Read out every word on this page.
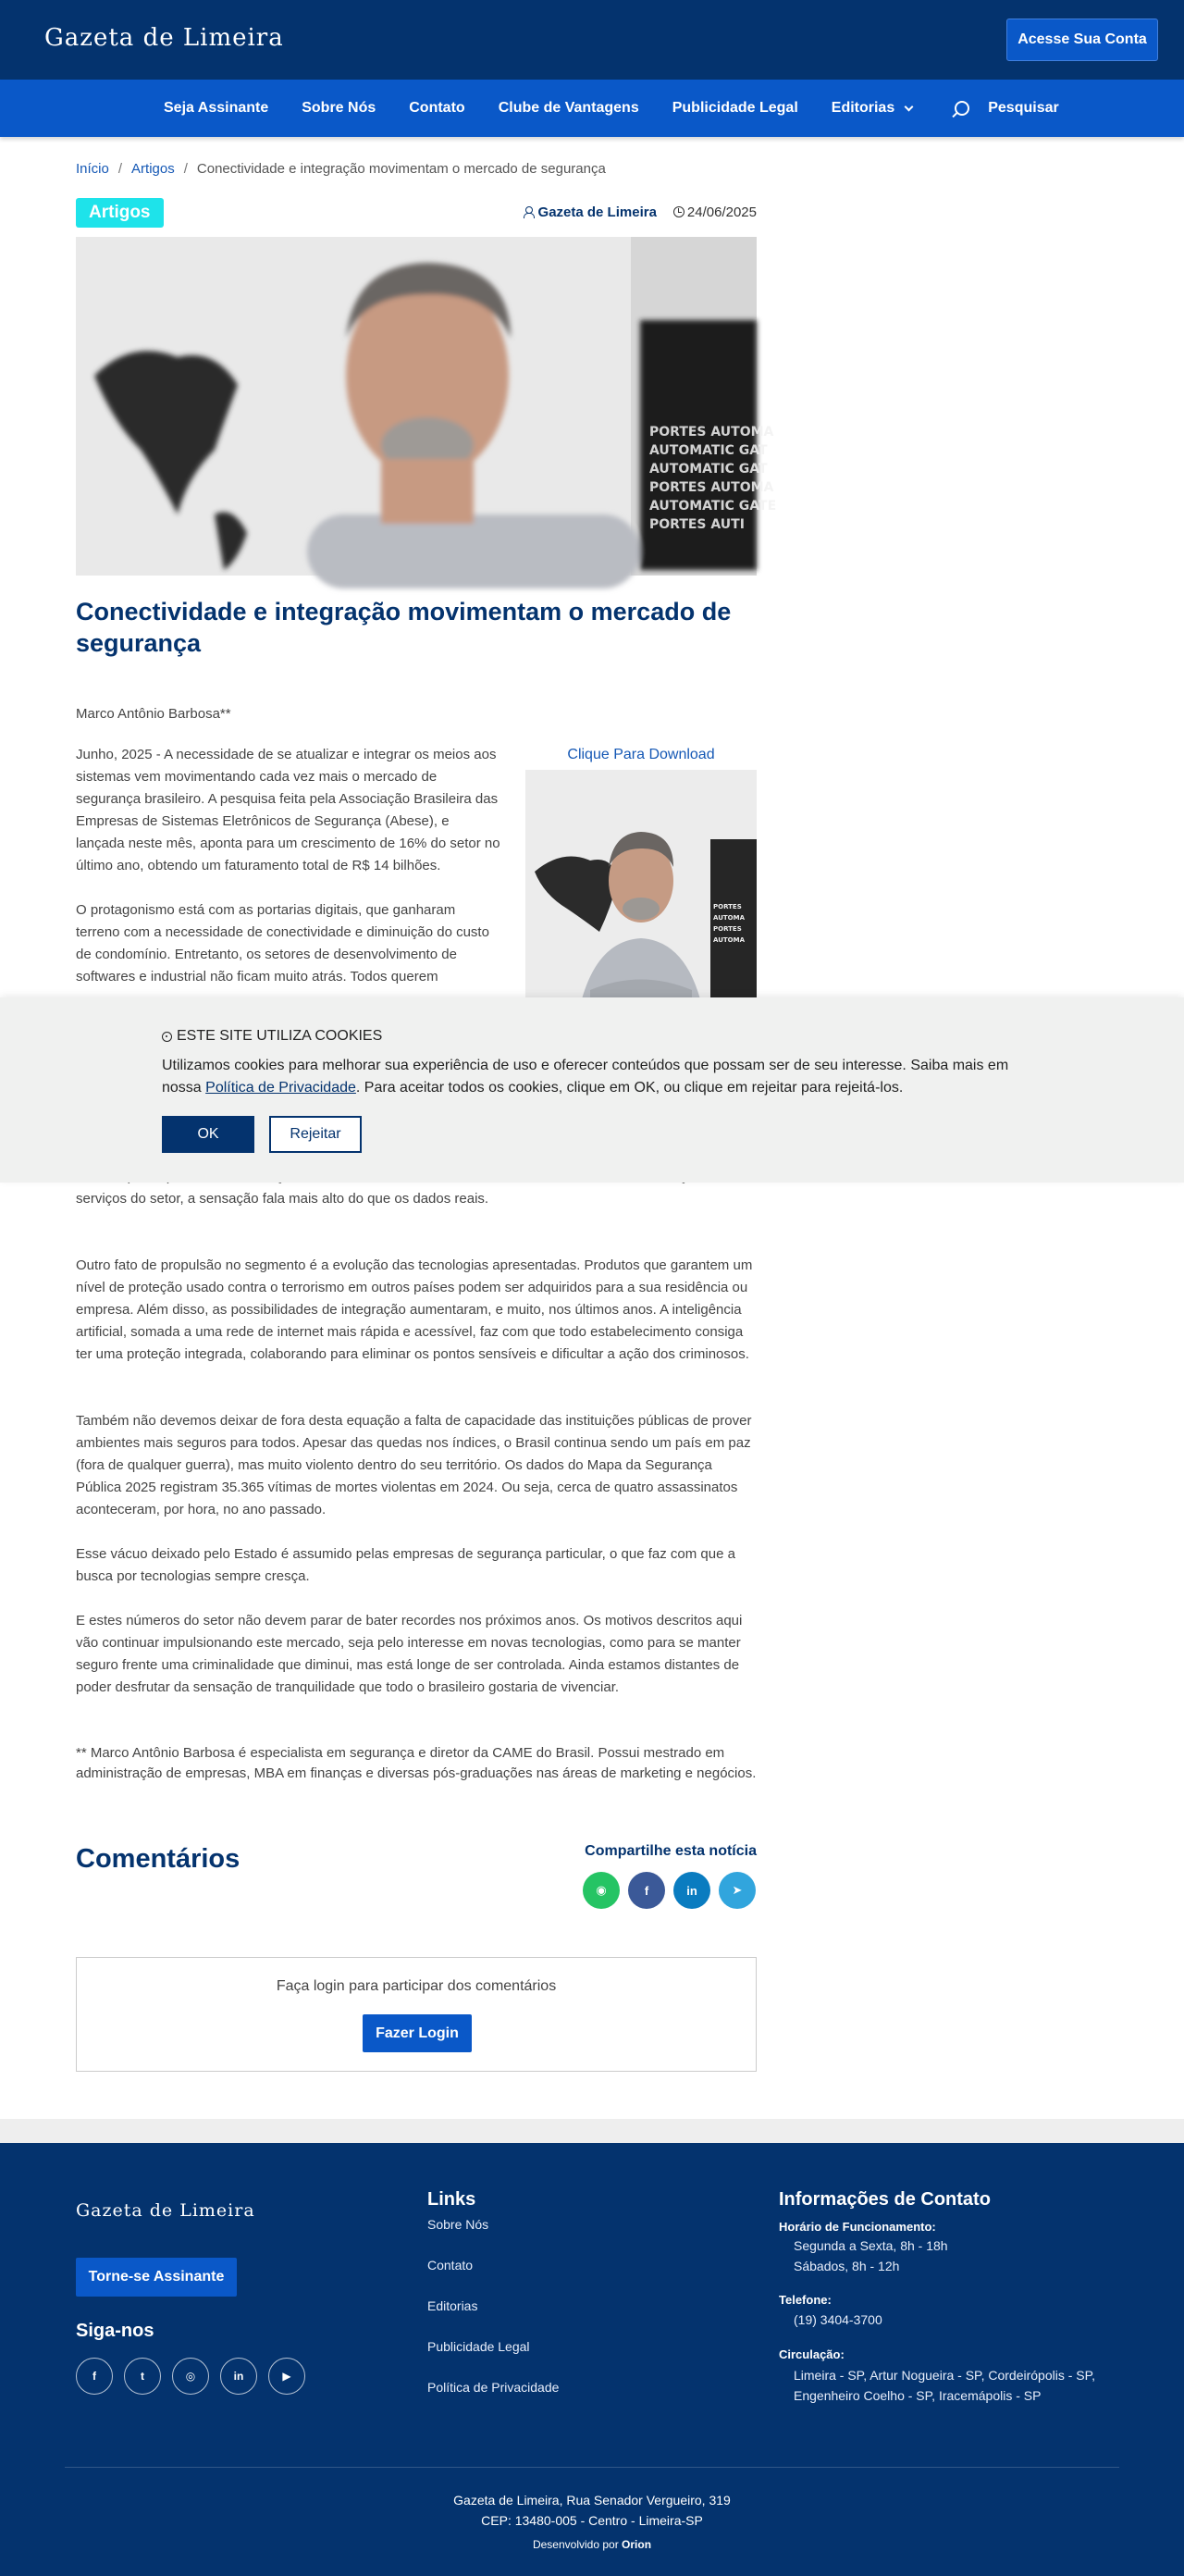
Gazeta de Limeira	Acesse Sua Conta
Seja Assinante Sobre Nós Contato Clube de Vantagens Publicidade Legal Editorias	Pesquisar
Início / Artigos / Conectividade e integração movimentam o mercado de segurança
Artigos	Gazeta de Limeira 24/06/2025
PORTES AUTOMA
AUTOMATIC GAT
AUTOMATIC GAT
PORTES AUTOMA
AUTOMATIC GATE
PORTES AUTI
Conectividade e integração movimentam o mercado de segurança

Marco Antônio Barbosa**

Junho, 2025 - A necessidade de se atualizar e integrar os meios aos sistemas vem movimentando cada vez mais o mercado de segurança brasileiro. A pesquisa feita pela Associação Brasileira das Empresas de Sistemas Eletrônicos de Segurança (Abese), e lançada neste mês, aponta para um crescimento de 16% do setor no último ano, obtendo um faturamento total de R$ 14 bilhões.

O protagonismo está com as portarias digitais, que ganharam terreno com a necessidade de conectividade e diminuição do custo de condomínio. Entretanto, os setores de desenvolvimento de softwares e industrial não ficam muito atrás. Todos querem

Clique Para Download
PORTES
AUTOMA
PORTES
AUTOMA

serviços do setor, a sensação fala mais alto do que os dados reais.

Outro fato de propulsão no segmento é a evolução das tecnologias apresentadas. Produtos que garantem um nível de proteção usado contra o terrorismo em outros países podem ser adquiridos para a sua residência ou empresa. Além disso, as possibilidades de integração aumentaram, e muito, nos últimos anos. A inteligência artificial, somada a uma rede de internet mais rápida e acessível, faz com que todo estabelecimento consiga ter uma proteção integrada, colaborando para eliminar os pontos sensíveis e dificultar a ação dos criminosos.

Também não devemos deixar de fora desta equação a falta de capacidade das instituições públicas de prover ambientes mais seguros para todos. Apesar das quedas nos índices, o Brasil continua sendo um país em paz (fora de qualquer guerra), mas muito violento dentro do seu território. Os dados do Mapa da Segurança Pública 2025 registram 35.365 vítimas de mortes violentas em 2024. Ou seja, cerca de quatro assassinatos aconteceram, por hora, no ano passado.

Esse vácuo deixado pelo Estado é assumido pelas empresas de segurança particular, o que faz com que a busca por tecnologias sempre cresça.

E estes números do setor não devem parar de bater recordes nos próximos anos. Os motivos descritos aqui vão continuar impulsionando este mercado, seja pelo interesse em novas tecnologias, como para se manter seguro frente uma criminalidade que diminui, mas está longe de ser controlada. Ainda estamos distantes de poder desfrutar da sensação de tranquilidade que todo o brasileiro gostaria de vivenciar.

** Marco Antônio Barbosa é especialista em segurança e diretor da CAME do Brasil. Possui mestrado em administração de empresas, MBA em finanças e diversas pós-graduações nas áreas de marketing e negócios.

ESTE SITE UTILIZA COOKIES

Utilizamos cookies para melhorar sua experiência de uso e oferecer conteúdos que possam ser de seu interesse. Saiba mais em nossa Política de Privacidade. Para aceitar todos os cookies, clique em OK, ou clique em rejeitar para rejeitá-los.

OK	Rejeitar
Comentários	Compartilhe esta notícia
◉	f	in	➤

Faça login para participar dos comentários

Fazer Login
Gazeta de Limeira
Torne-se Assinante
Siga-nos
f	t	◎	in	▶
Links
Sobre Nós
Contato
Editorias
Publicidade Legal
Política de Privacidade
Informações de Contato
Horário de Funcionamento:
Segunda a Sexta, 8h - 18h
Sábados, 8h - 12h
Telefone:
(19) 3404-3700
Circulação:
Limeira - SP, Artur Nogueira - SP, Cordeirópolis - SP, Engenheiro Coelho - SP, Iracemápolis - SP
Gazeta de Limeira, Rua Senador Vergueiro, 319
CEP: 13480-005 - Centro - Limeira-SP
Desenvolvido por Orion
